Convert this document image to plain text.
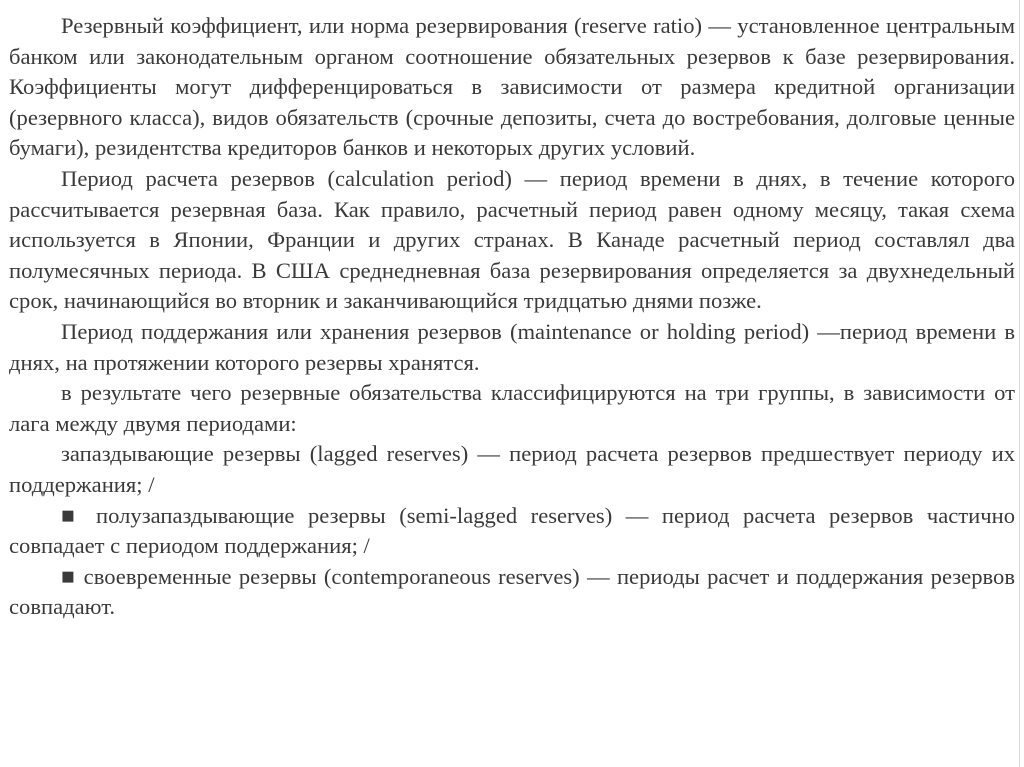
Резервный коэффициент, или норма резервирования (reserve ratio) — установленное центральным банком или законодательным органом соотношение обязательных резервов к базе резервирования. Коэффициенты могут дифференцироваться в зависимости от размера кредитной организации (резервного класса), видов обязательств (срочные депозиты, счета до востребования, долговые ценные бумаги), резидентства кредиторов банков и некоторых других условий.

Период расчета резервов (calculation period) — период времени в днях, в течение которого рассчитывается резервная база. Как правило, расчетный период равен одному месяцу, такая схема используется в Японии, Франции и других странах. В Канаде расчетный период составлял два полумесячных периода. В США среднедневная база резервирования определяется за двухнедельный срок, начинающийся во вторник и заканчивающийся тридцатью днями позже.

Период поддержания или хранения резервов (maintenance or holding period) —период времени в днях, на протяжении которого резервы хранятся.

в результате чего резервные обязательства классифицируются на три группы, в зависимости от лага между двумя периодами:

запаздывающие резервы (lagged reserves) — период расчета резервов предшествует периоду их поддержания; /

■ полузапаздывающие резервы (semi-lagged reserves) — период расчета резервов частично совпадает с периодом поддержания; /

■ своевременные резервы (contemporaneous reserves) — периоды расчет и поддержания резервов совпадают.
